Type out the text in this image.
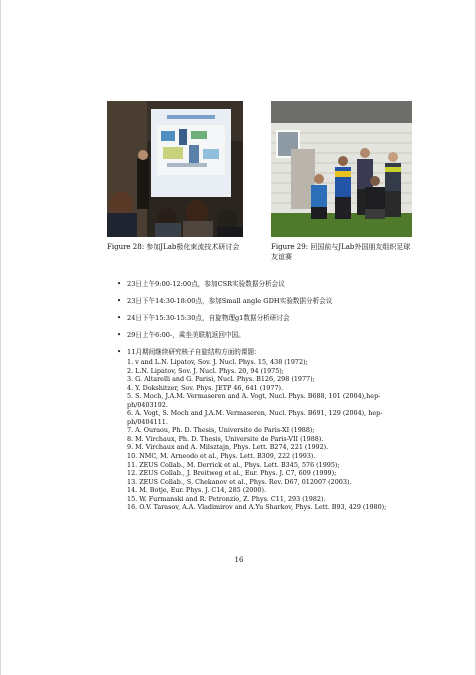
Figure 28: 参加JLab极化束流技术研讨会	Figure 29: 回国前与JLab外国朋友组织足球友谊赛
• 23日上午9:00-12:00点，参加CSR实验数据分析会议
• 23日下午14:30-18:00点，参加Small angle GDH实验数据分析会议
• 24日下午15:30-15:30点，自旋物理g1数据分析研讨会
• 29日上午6:00-，乘坐美联航返回中国。
• 11月期间继续研究核子自旋结构方面的课题：

1. v and L.N. Lipatov, Sov. J. Nucl. Phys. 15, 438 (1972);

2. L.N. Lipatov, Sov. J. Nucl. Phys. 20, 94 (1975);

3. G. Altarelli and G. Parisi, Nucl. Phys. B126, 298 (1977);

4. Y. Dokshitzer, Sov. Phys. JETP 46, 641 (1977).

5. S. Moch, J.A.M. Vermaseren and A. Vogt, Nucl. Phys. B688, 101 (2004),hep-ph/0403192.

6. A. Vogt, S. Moch and J.A.M. Vermaseren, Nucl. Phys. B691, 129 (2004), hep-ph/0404111.

7. A. Ouraou, Ph. D. Thesis, Universite de Paris-XI (1988);

8. M. Virchaux, Ph. D. Thesis, Universite de Paris-VII (1988).

9. M. Virchaux and A. Milsztajn, Phys. Lett. B274, 221 (1992).

10. NMC, M. Arneodo et al., Phys. Lett. B309, 222 (1993).

11. ZEUS Collab., M. Derrick et al., Phys. Lett. B345, 576 (1995);

12. ZEUS Collab., J. Breitweg et al., Eur. Phys. J. C7, 609 (1999);

13. ZEUS Collab., S. Chekanov et al., Phys. Rev. D67, 012007 (2003).

14. M. Botje, Eur. Phys. J. C14, 285 (2000).

15. W. Furmanski and R. Petronzio, Z. Phys. C11, 293 (1982).

16. O.V. Tarasov, A.A. Vladimirov and A.Yu Sharkov, Phys. Lett. B93, 429 (1980);

16
